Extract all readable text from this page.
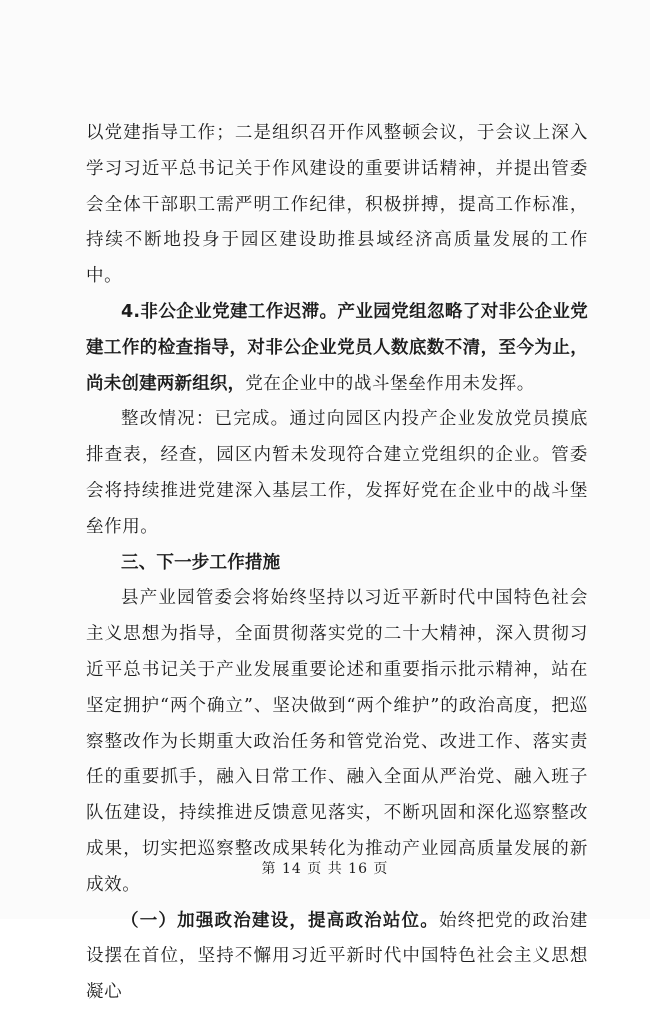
以党建指导工作；二是组织召开作风整顿会议，于会议上深入学习习近平总书记关于作风建设的重要讲话精神，并提出管委会全体干部职工需严明工作纪律，积极拼搏，提高工作标准，持续不断地投身于园区建设助推县域经济高质量发展的工作中。

4.非公企业党建工作迟滞。产业园党组忽略了对非公企业党建工作的检查指导，对非公企业党员人数底数不清，至今为止，尚未创建两新组织，党在企业中的战斗堡垒作用未发挥。

整改情况：已完成。通过向园区内投产企业发放党员摸底排查表，经查，园区内暂未发现符合建立党组织的企业。管委会将持续推进党建深入基层工作，发挥好党在企业中的战斗堡垒作用。

三、下一步工作措施

县产业园管委会将始终坚持以习近平新时代中国特色社会主义思想为指导，全面贯彻落实党的二十大精神，深入贯彻习近平总书记关于产业发展重要论述和重要指示批示精神，站在坚定拥护“两个确立”、坚决做到“两个维护”的政治高度，把巡察整改作为长期重大政治任务和管党治党、改进工作、落实责任的重要抓手，融入日常工作、融入全面从严治党、融入班子队伍建设，持续推进反馈意见落实，不断巩固和深化巡察整改成果，切实把巡察整改成果转化为推动产业园高质量发展的新成效。

（一）加强政治建设，提高政治站位。始终把党的政治建设摆在首位，坚持不懈用习近平新时代中国特色社会主义思想凝心

第 14 页 共 16 页
